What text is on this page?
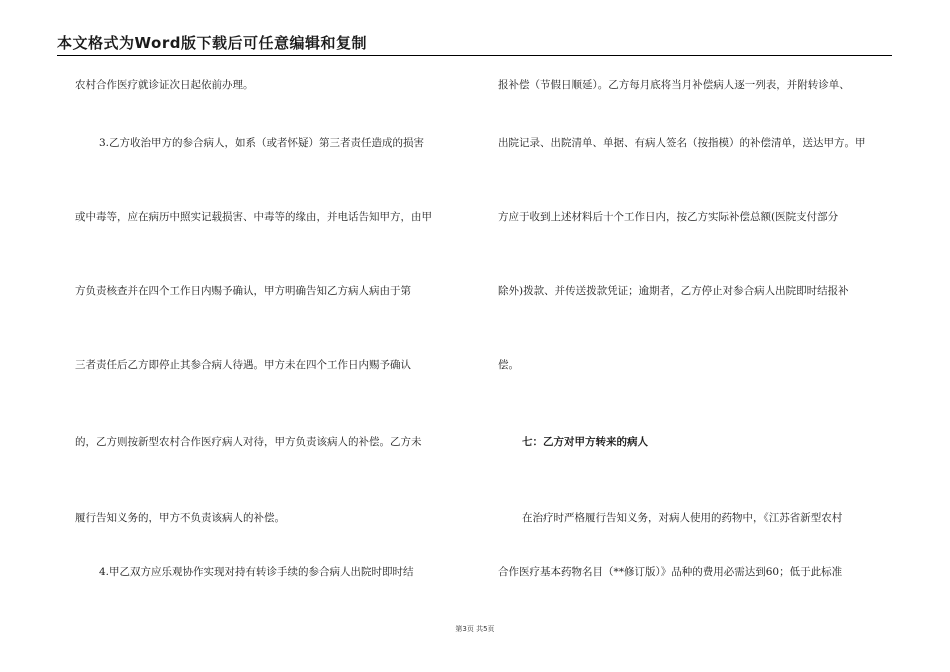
本文格式为Word版下载后可任意编辑和复制
农村合作医疗就诊证次日起依前办理。
3.乙方收治甲方的参合病人，如系（或者怀疑）第三者责任造成的损害
或中毒等，应在病历中照实记载损害、中毒等的缘由，并电话告知甲方，由甲
方负责核查并在四个工作日内赐予确认，甲方明确告知乙方病人病由于第
三者责任后乙方即停止其参合病人待遇。甲方未在四个工作日内赐予确认
的，乙方则按新型农村合作医疗病人对待，甲方负责该病人的补偿。乙方未
履行告知义务的，甲方不负责该病人的补偿。
4.甲乙双方应乐观协作实现对持有转诊手续的参合病人出院时即时结
报补偿（节假日顺延）。乙方每月底将当月补偿病人逐一列表，并附转诊单、
出院记录、出院清单、单据、有病人签名（按指模）的补偿清单，送达甲方。甲
方应于收到上述材料后十个工作日内，按乙方实际补偿总额(医院支付部分
除外)拨款、并传送拨款凭证；逾期者，乙方停止对参合病人出院即时结报补
偿。
七：乙方对甲方转来的病人
在治疗时严格履行告知义务，对病人使用的药物中，《江苏省新型农村
合作医疗基本药物名目（**修订版）》品种的费用必需达到60；低于此标准
第3页 共5页
